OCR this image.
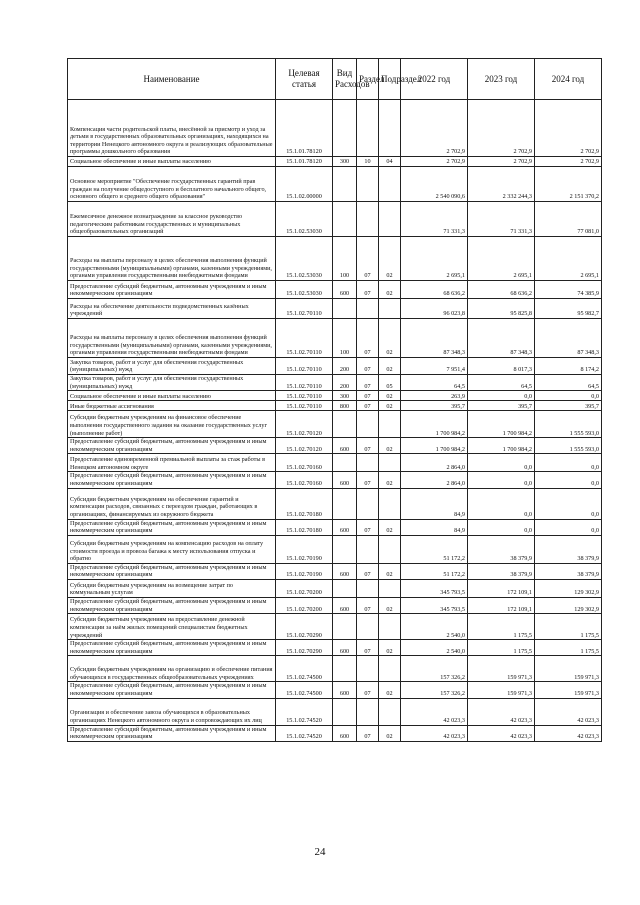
Наименование	Целевая статья	Вид Расходов	Раздел	Подраздел	2022 год	2023 год	2024 год
Компенсация части родительской платы, внесённой за присмотр и уход за детьми в государственных образовательных организациях, находящихся на территории Ненецкого автономного округа и реализующих образовательные программы дошкольного образования	15.1.01.78120				2 702,9	2 702,9	2 702,9
Социальное обеспечение и иные выплаты населению	15.1.01.78120	300	10	04	2 702,9	2 702,9	2 702,9
Основное мероприятие "Обеспечение государственных гарантий прав граждан на получение общедоступного и бесплатного начального общего, основного общего и среднего общего образования"	15.1.02.00000				2 540 090,6	2 332 244,3	2 151 370,2
Ежемесячное денежное вознаграждение за классное руководство педагогическим работникам государственных и муниципальных общеобразовательных организаций	15.1.02.53030				71 331,3	71 331,3	77 081,0
Расходы на выплаты персоналу в целях обеспечения выполнения функций государственными (муниципальными) органами, казенными учреждениями, органами управления государственными внебюджетными фондами	15.1.02.53030	100	07	02	2 695,1	2 695,1	2 695,1
Предоставление субсидий бюджетным, автономным учреждениям и иным некоммерческим организациям	15.1.02.53030	600	07	02	68 636,2	68 636,2	74 385,9
Расходы на обеспечение деятельности подведомственных казённых учреждений	15.1.02.70110				96 023,8	95 825,8	95 982,7
Расходы на выплаты персоналу в целях обеспечения выполнения функций государственными (муниципальными) органами, казенными учреждениями, органами управления государственными внебюджетными фондами	15.1.02.70110	100	07	02	87 348,3	87 348,3	87 348,3
Закупка товаров, работ и услуг для обеспечения государственных (муниципальных) нужд	15.1.02.70110	200	07	02	7 951,4	8 017,3	8 174,2
Закупка товаров, работ и услуг для обеспечения государственных (муниципальных) нужд	15.1.02.70110	200	07	05	64,5	64,5	64,5
Социальное обеспечение и иные выплаты населению	15.1.02.70110	300	07	02	263,9	0,0	0,0
Иные бюджетные ассигнования	15.1.02.70110	800	07	02	395,7	395,7	395,7
Субсидии бюджетным учреждениям на финансовое обеспечение выполнения государственного задания на оказание государственных услуг (выполнение работ)	15.1.02.70120				1 700 984,2	1 700 984,2	1 555 593,0
Предоставление субсидий бюджетным, автономным учреждениям и иным некоммерческим организациям	15.1.02.70120	600	07	02	1 700 984,2	1 700 984,2	1 555 593,0
Предоставление единовременной премиальной выплаты за стаж работы в Ненецком автономном округе	15.1.02.70160				2 864,0	0,0	0,0
Предоставление субсидий бюджетным, автономным учреждениям и иным некоммерческим организациям	15.1.02.70160	600	07	02	2 864,0	0,0	0,0
Субсидии бюджетным учреждениям на обеспечение гарантий и компенсации расходов, связанных с переездом граждан, работающих в организациях, финансируемых из окружного бюджета	15.1.02.70180				84,9	0,0	0,0
Предоставление субсидий бюджетным, автономным учреждениям и иным некоммерческим организациям	15.1.02.70180	600	07	02	84,9	0,0	0,0
Субсидии бюджетным учреждениям на компенсацию расходов на оплату стоимости проезда и провоза багажа к месту использования отпуска и обратно	15.1.02.70190				51 172,2	38 379,9	38 379,9
Предоставление субсидий бюджетным, автономным учреждениям и иным некоммерческим организациям	15.1.02.70190	600	07	02	51 172,2	38 379,9	38 379,9
Субсидии бюджетным учреждениям на возмещение затрат по коммунальным услугам	15.1.02.70200				345 793,5	172 109,1	129 302,9
Предоставление субсидий бюджетным, автономным учреждениям и иным некоммерческим организациям	15.1.02.70200	600	07	02	345 793,5	172 109,1	129 302,9
Субсидии бюджетным учреждениям на предоставление денежной компенсации за наём жилых помещений специалистам бюджетных учреждений	15.1.02.70290				2 540,0	1 175,5	1 175,5
Предоставление субсидий бюджетным, автономным учреждениям и иным некоммерческим организациям	15.1.02.70290	600	07	02	2 540,0	1 175,5	1 175,5
Субсидии бюджетным учреждениям на организацию и обеспечение питания обучающихся в государственных общеобразовательных учреждениях	15.1.02.74500				157 326,2	159 971,3	159 971,3
Предоставление субсидий бюджетным, автономным учреждениям и иным некоммерческим организациям	15.1.02.74500	600	07	02	157 326,2	159 971,3	159 971,3
Организация и обеспечение завоза обучающихся в образовательных организациях Ненецкого автономного округа и сопровождающих их лиц	15.1.02.74520				42 023,3	42 023,3	42 023,3
Предоставление субсидий бюджетным, автономным учреждениям и иным некоммерческим организациям	15.1.02.74520	600	07	02	42 023,3	42 023,3	42 023,3
24
